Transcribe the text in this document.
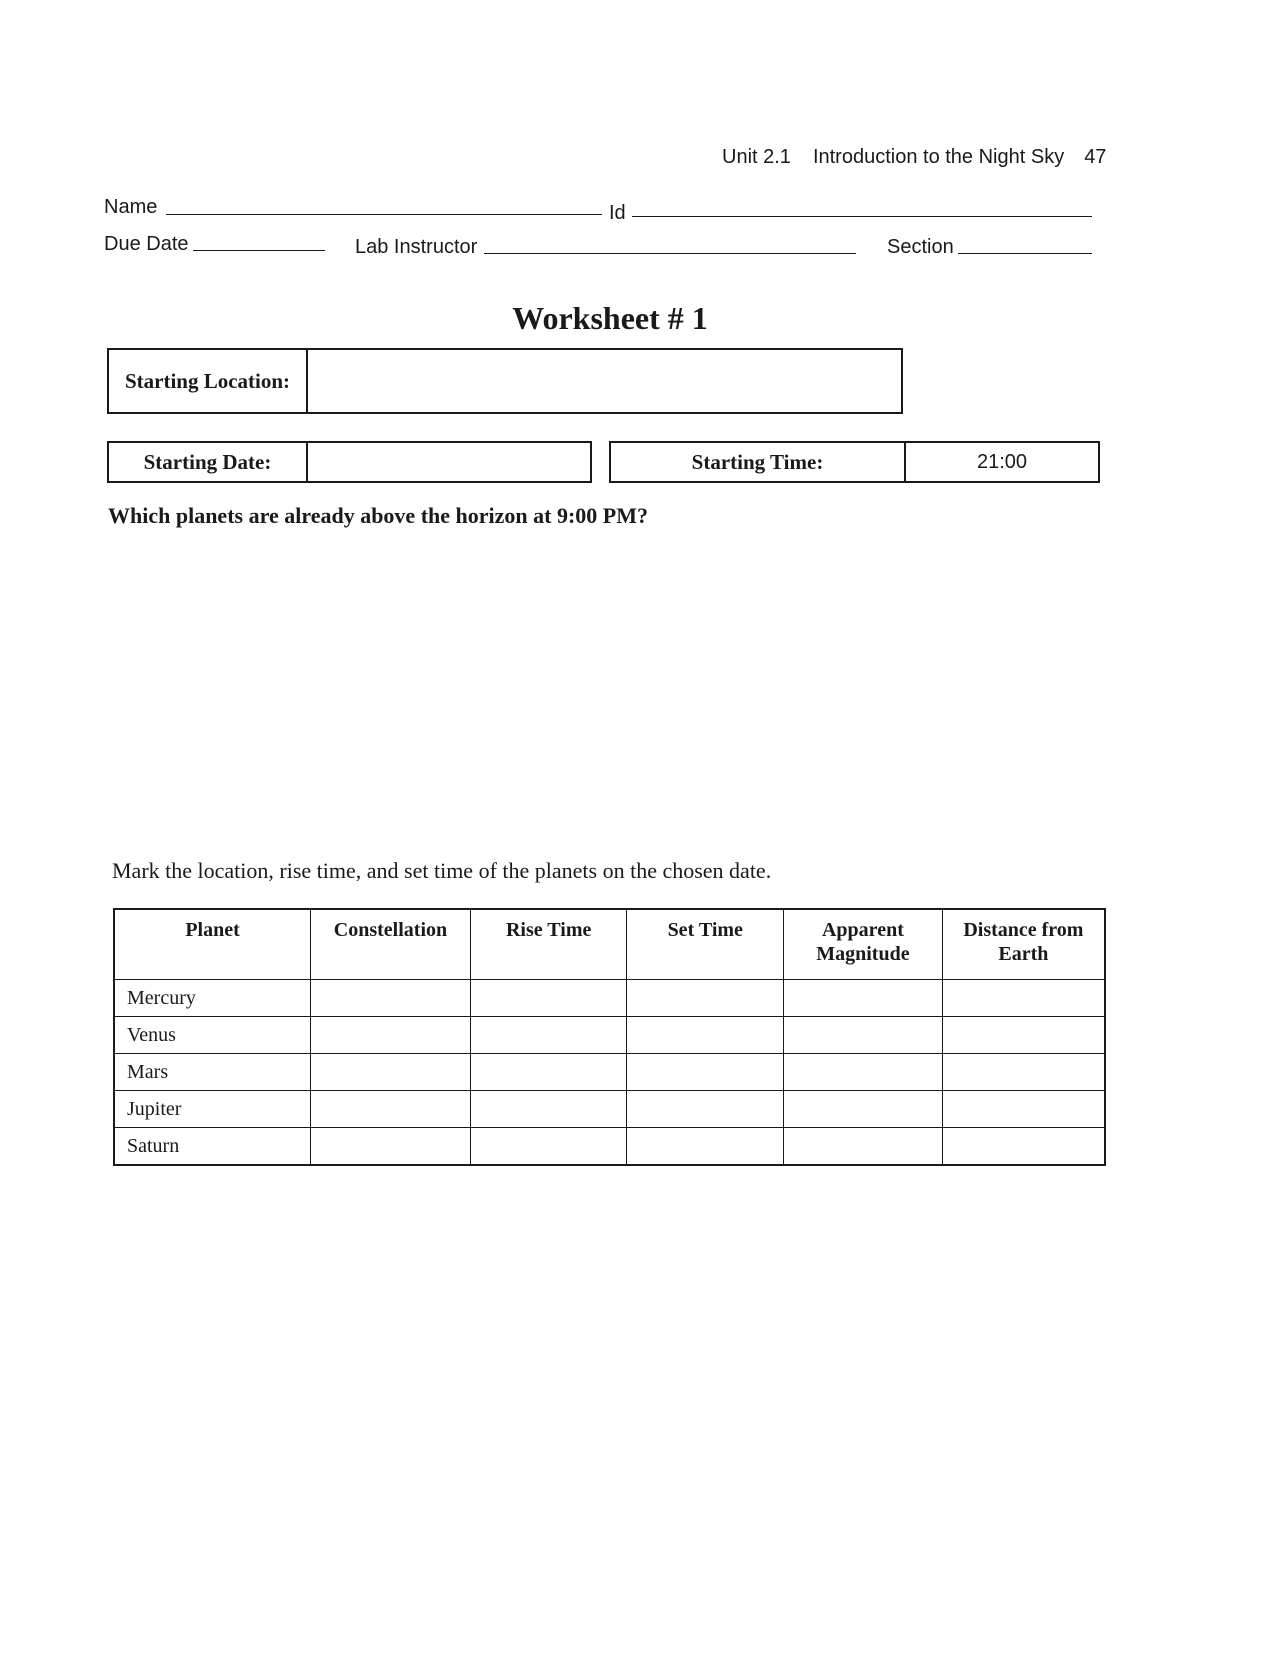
Unit 2.1 Introduction to the Night Sky 47
Name	Id
Due Date	Lab Instructor	Section
Worksheet # 1
Starting Location:
Starting Date:	Starting Time:	21:00
Which planets are already above the horizon at 9:00 PM?
Mark the location, rise time, and set time of the planets on the chosen date.
Planet	Constellation	Rise Time	Set Time	Apparent Magnitude	Distance from Earth
Mercury					
Venus					
Mars					
Jupiter					
Saturn					
